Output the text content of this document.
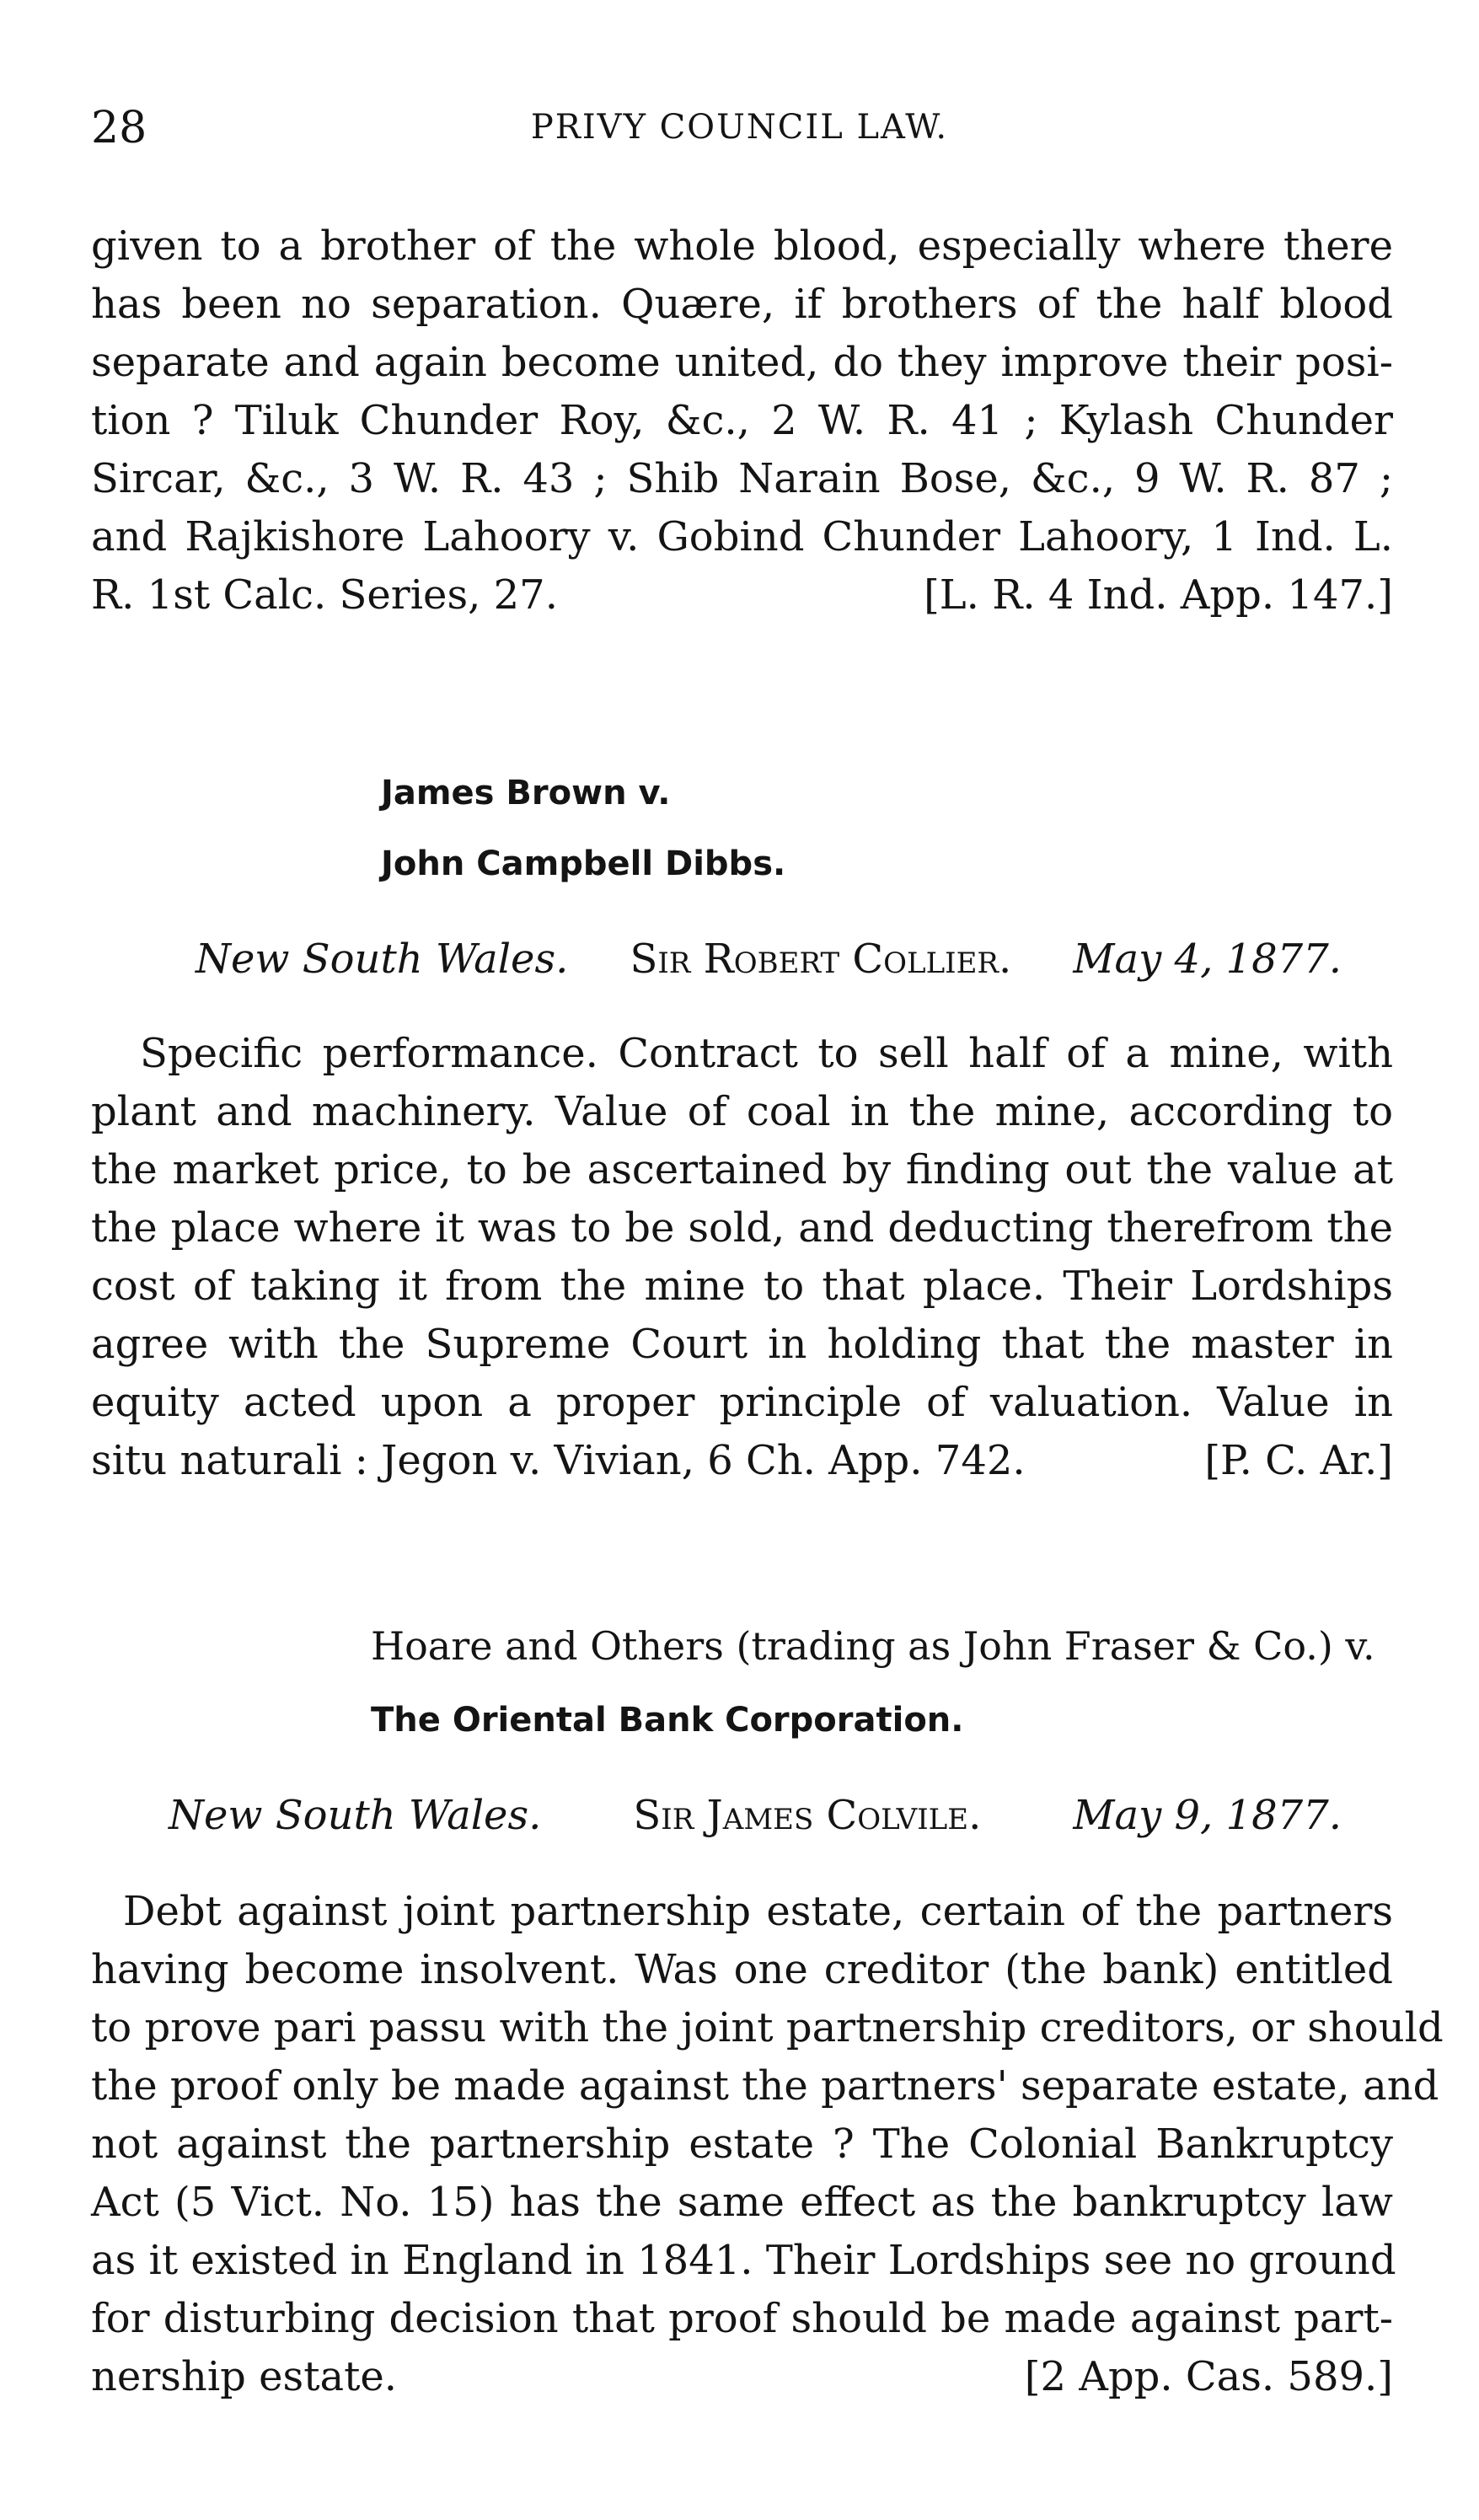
28	PRIVY COUNCIL LAW.
given to a brother of the whole blood, especially where there
has been no separation. Quære, if brothers of the half blood
separate and again become united, do they improve their posi-
tion ? Tiluk Chunder Roy, &c., 2 W. R. 41 ; Kylash Chunder
Sircar, &c., 3 W. R. 43 ; Shib Narain Bose, &c., 9 W. R. 87 ;
and Rajkishore Lahoory v. Gobind Chunder Lahoory, 1 Ind. L.
R. 1st Calc. Series, 27.	[L. R. 4 Ind. App. 147.]
James Brown v.
John Campbell Dibbs.
New South Wales. Sir Robert Collier. May 4, 1877.
Specific performance. Contract to sell half of a mine, with
plant and machinery. Value of coal in the mine, according to
the market price, to be ascertained by finding out the value at
the place where it was to be sold, and deducting therefrom the
cost of taking it from the mine to that place. Their Lordships
agree with the Supreme Court in holding that the master in
equity acted upon a proper principle of valuation. Value in
situ naturali : Jegon v. Vivian, 6 Ch. App. 742.	[P. C. Ar.]
Hoare and Others (trading as John Fraser & Co.) v.
The Oriental Bank Corporation.
New South Wales. Sir James Colvile. May 9, 1877.
Debt against joint partnership estate, certain of the partners
having become insolvent. Was one creditor (the bank) entitled
to prove pari passu with the joint partnership creditors, or should
the proof only be made against the partners' separate estate, and
not against the partnership estate ? The Colonial Bankruptcy
Act (5 Vict. No. 15) has the same effect as the bankruptcy law
as it existed in England in 1841. Their Lordships see no ground
for disturbing decision that proof should be made against part-
nership estate.	[2 App. Cas. 589.]
